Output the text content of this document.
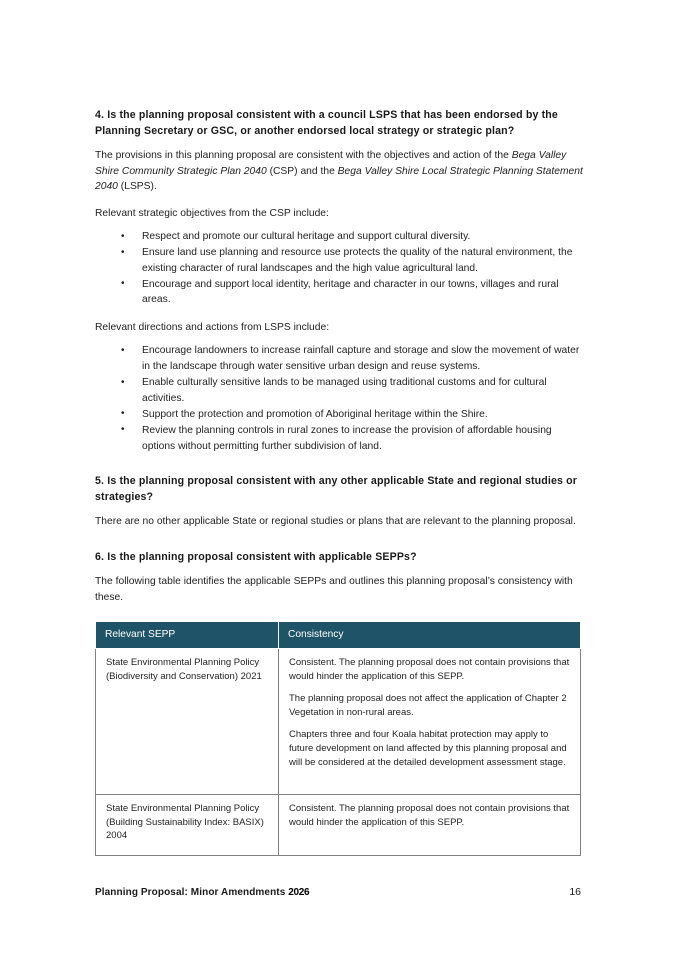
4. Is the planning proposal consistent with a council LSPS that has been endorsed by the Planning Secretary or GSC, or another endorsed local strategy or strategic plan?

The provisions in this planning proposal are consistent with the objectives and action of the Bega Valley Shire Community Strategic Plan 2040 (CSP) and the Bega Valley Shire Local Strategic Planning Statement 2040 (LSPS).

Relevant strategic objectives from the CSP include:

• Respect and promote our cultural heritage and support cultural diversity.
• Ensure land use planning and resource use protects the quality of the natural environment, the existing character of rural landscapes and the high value agricultural land.
• Encourage and support local identity, heritage and character in our towns, villages and rural areas.

Relevant directions and actions from LSPS include:

• Encourage landowners to increase rainfall capture and storage and slow the movement of water in the landscape through water sensitive urban design and reuse systems.
• Enable culturally sensitive lands to be managed using traditional customs and for cultural activities.
• Support the protection and promotion of Aboriginal heritage within the Shire.
• Review the planning controls in rural zones to increase the provision of affordable housing options without permitting further subdivision of land.
5. Is the planning proposal consistent with any other applicable State and regional studies or strategies?

There are no other applicable State or regional studies or plans that are relevant to the planning proposal.

6. Is the planning proposal consistent with applicable SEPPs?

The following table identifies the applicable SEPPs and outlines this planning proposal’s consistency with these.

Relevant SEPP	Consistency
State Environmental Planning Policy (Biodiversity and Conservation) 2021	Consistent. The planning proposal does not contain provisions that would hinder the application of this SEPP.

The planning proposal does not affect the application of Chapter 2 Vegetation in non-rural areas.

Chapters three and four Koala habitat protection may apply to future development on land affected by this planning proposal and will be considered at the detailed development assessment stage.

State Environmental Planning Policy (Building Sustainability Index: BASIX) 2004	Consistent. The planning proposal does not contain provisions that would hinder the application of this SEPP.

Planning Proposal: Minor Amendments 2026	16
